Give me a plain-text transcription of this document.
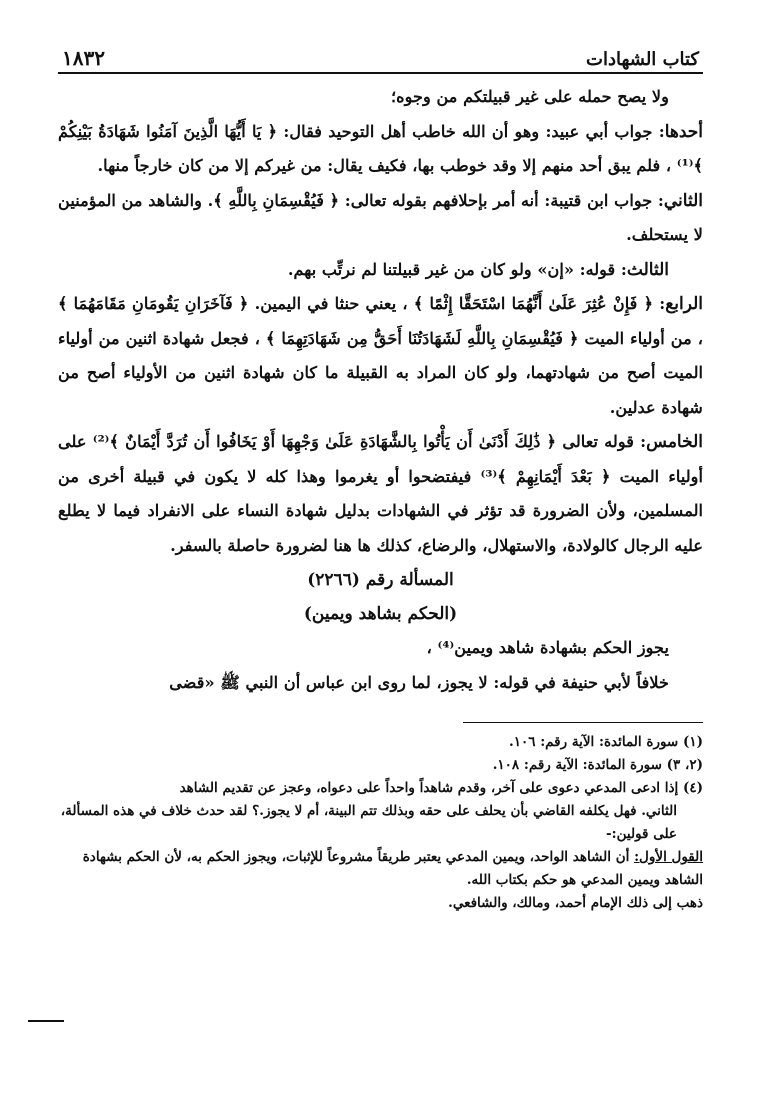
كتاب الشهادات
١٨٣٢

ولا يصح حمله على غير قبيلتكم من وجوه؛

أحدها: جواب أبي عبيد: وهو أن الله خاطب أهل التوحيد فقال: ﴿ يَا أَيُّهَا الَّذِينَ آمَنُوا شَهَادَةُ بَيْنِكُمْ ﴾⁽¹⁾ ، فلم يبق أحد منهم إلا وقد خوطب بها، فكيف يقال: من غيركم إلا من كان خارجاً منها.

الثاني: جواب ابن قتيبة: أنه أمر بإحلافهم بقوله تعالى: ﴿ فَيُقْسِمَانِ بِاللَّهِ ﴾. والشاهد من المؤمنين لا يستحلف.

الثالث: قوله: «إن» ولو كان من غير قبيلتنا لم نرتِّب بهم.

الرابع: ﴿ فَإِنْ عُثِرَ عَلَىٰ أَنَّهُمَا اسْتَحَقَّا إِثْمًا ﴾ ، يعني حنثا في اليمين. ﴿ فَآخَرَانِ يَقُومَانِ مَقَامَهُمَا ﴾ ، من أولياء الميت ﴿ فَيُقْسِمَانِ بِاللَّهِ لَشَهَادَتُنَا أَحَقُّ مِن شَهَادَتِهِمَا ﴾ ، فجعل شهادة اثنين من أولياء الميت أصح من شهادتهما، ولو كان المراد به القبيلة ما كان شهادة اثنين من الأولياء أصح من شهادة عدلين.

الخامس: قوله تعالى ﴿ ذَٰلِكَ أَدْنَىٰ أَن يَأْتُوا بِالشَّهَادَةِ عَلَىٰ وَجْهِهَا أَوْ يَخَافُوا أَن تُرَدَّ أَيْمَانٌ ﴾⁽²⁾ على أولياء الميت ﴿ بَعْدَ أَيْمَانِهِمْ ﴾⁽³⁾ فيفتضحوا أو يغرموا وهذا كله لا يكون في قبيلة أخرى من المسلمين، ولأن الضرورة قد تؤثر في الشهادات بدليل شهادة النساء على الانفراد فيما لا يطلع عليه الرجال كالولادة، والاستهلال، والرضاع، كذلك ها هنا لضرورة حاصلة بالسفر.

المسألة رقم (٢٢٦٦)

(الحكم بشاهد ويمين)

يجوز الحكم بشهادة شاهد ويمين⁽⁴⁾ ،

خلافاً لأبي حنيفة في قوله: لا يجوز، لما روى ابن عباس أن النبي ﷺ «قضى

(١) سورة المائدة: الآية رقم: ١٠٦.

(٢، ٣) سورة المائدة: الآية رقم: ١٠٨.

(٤) إذا ادعى المدعي دعوى على آخر، وقدم شاهداً واحداً على دعواه، وعجز عن تقديم الشاهد

الثاني. فهل يكلفه القاضي بأن يحلف على حقه وبذلك تتم البينة، أم لا يجوز.؟ لقد حدث خلاف في هذه المسألة، على قولين:-

القول الأول: أن الشاهد الواحد، ويمين المدعي يعتبر طريقاً مشروعاً للإثبات، ويجوز الحكم به، لأن الحكم بشهادة الشاهد ويمين المدعي هو حكم بكتاب الله.

ذهب إلى ذلك الإمام أحمد، ومالك، والشافعي.
